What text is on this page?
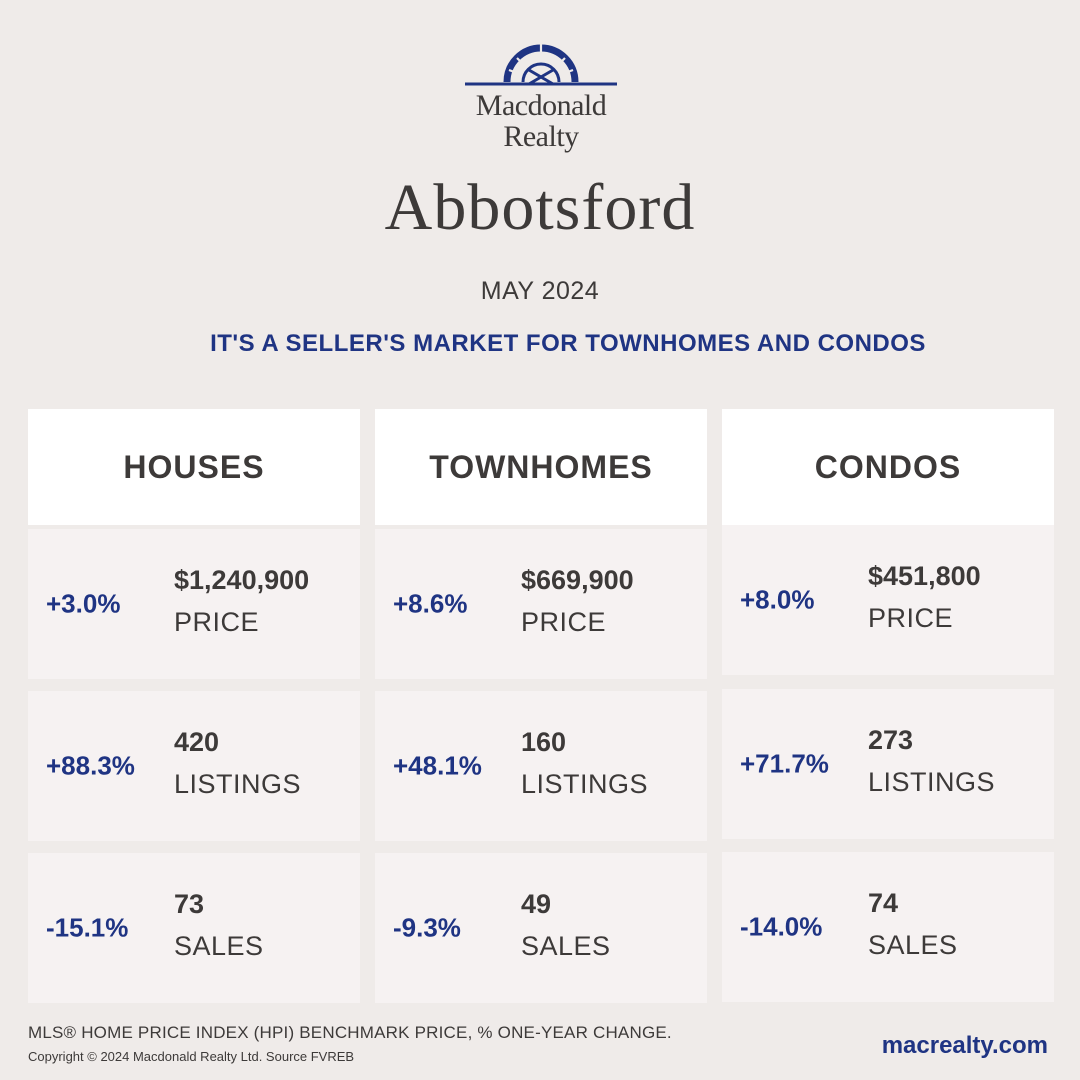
Macdonald
Realty
Abbotsford
MAY 2024
IT'S A SELLER'S MARKET FOR TOWNHOMES AND CONDOS
HOUSES
+3.0%
$1,240,900
PRICE
+88.3%
420
LISTINGS
-15.1%
73
SALES
TOWNHOMES
+8.6%
$669,900
PRICE
+48.1%
160
LISTINGS
-9.3%
49
SALES
CONDOS
+8.0%
$451,800
PRICE
+71.7%
273
LISTINGS
-14.0%
74
SALES
MLS® HOME PRICE INDEX (HPI) BENCHMARK PRICE, % ONE-YEAR CHANGE.
Copyright © 2024 Macdonald Realty Ltd. Source FVREB	macrealty.com
